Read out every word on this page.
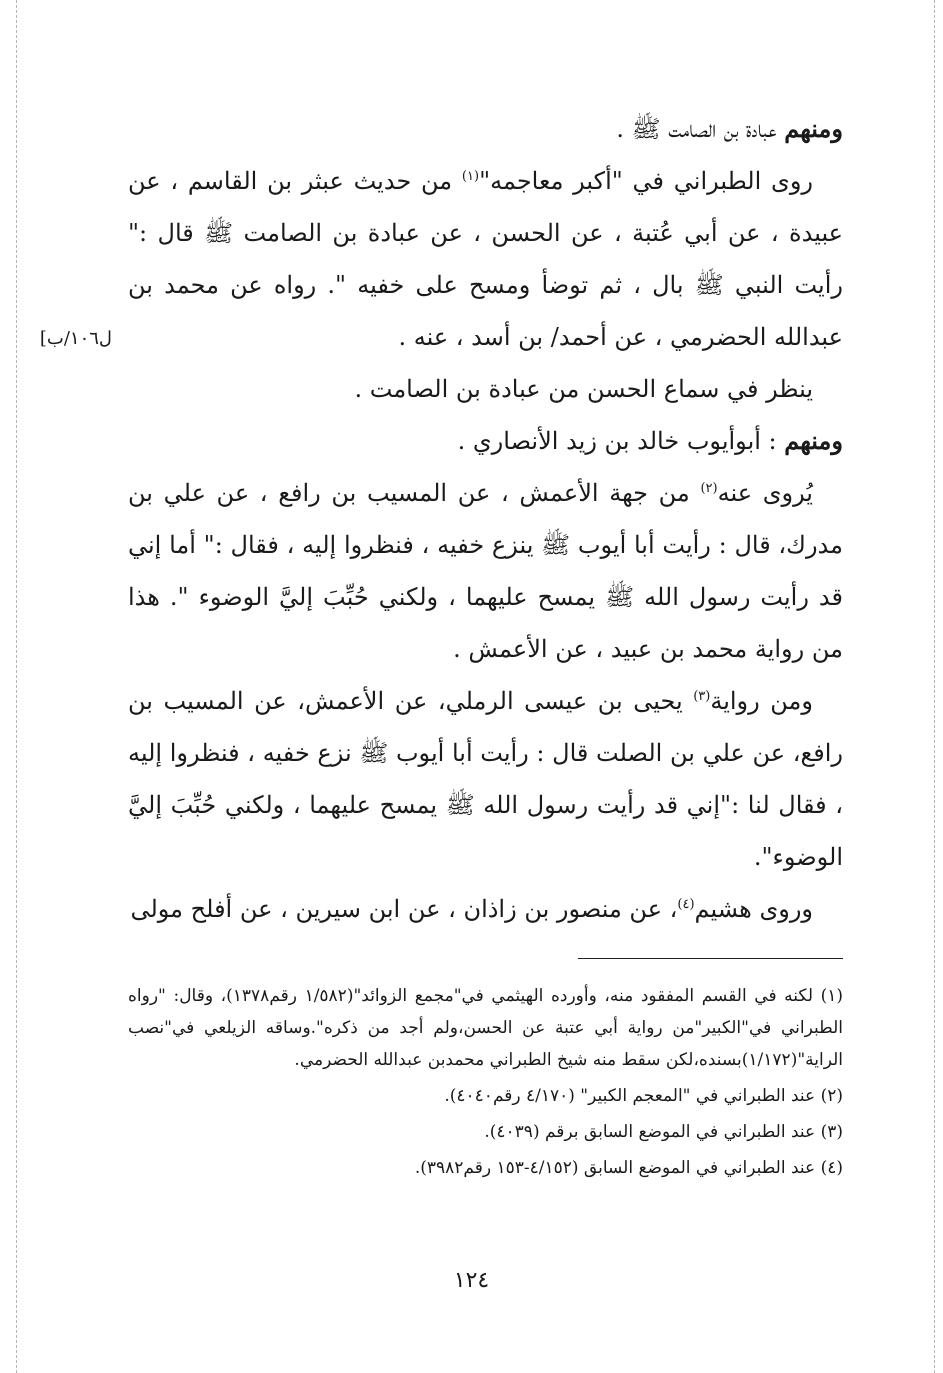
ل١٠٦/ب]

ومنهم عبادة بن الصامت ﷺ .

روى الطبراني في "أكبر معاجمه"$^{(١)}$ من حديث عبثر بن القاسم ، عن عبيدة ، عن أبي عُتبة ، عن الحسن ، عن عبادة بن الصامت ﷺ قال :" رأيت النبي ﷺ بال ، ثم توضأ ومسح على خفيه ". رواه عن محمد بن عبدالله الحضرمي ، عن أحمد/ بن أسد ، عنه .

ينظر في سماع الحسن من عبادة بن الصامت .

ومنهم : أبوأيوب خالد بن زيد الأنصاري .

يُروى عنه$^{(٢)}$ من جهة الأعمش ، عن المسيب بن رافع ، عن علي بن مدرك، قال : رأيت أبا أيوب ﷺ ينزع خفيه ، فنظروا إليه ، فقال :" أما إني قد رأيت رسول الله ﷺ يمسح عليهما ، ولكني حُبِّبَ إليَّ الوضوء ". هذا من رواية محمد بن عبيد ، عن الأعمش .

ومن رواية$^{(٣)}$ يحيى بن عيسى الرملي، عن الأعمش، عن المسيب بن رافع، عن علي بن الصلت قال : رأيت أبا أيوب ﷺ نزع خفيه ، فنظروا إليه ، فقال لنا :"إني قد رأيت رسول الله ﷺ يمسح عليهما ، ولكني حُبِّبَ إليَّ الوضوء".

وروى هشيم$^{(٤)}$، عن منصور بن زاذان ، عن ابن سيرين ، عن أفلح مولى

(١) لكنه في القسم المفقود منه، وأورده الهيثمي في"مجمع الزوائد"(١/٥٨٢ رقم١٣٧٨)، وقال: "رواه الطبراني في"الكبير"من رواية أبي عتبة عن الحسن،ولم أجد من ذكره".وساقه الزيلعي في"نصب الراية"(١/١٧٢)بسنده،لكن سقط منه شيخ الطبراني محمدبن عبدالله الحضرمي.

(٢) عند الطبراني في "المعجم الكبير" (٤/١٧٠ رقم٤٠٤٠).

(٣) عند الطبراني في الموضع السابق برقم (٤٠٣٩).

(٤) عند الطبراني في الموضع السابق (٤/١٥٢-١٥٣ رقم٣٩٨٢).

١٢٤
